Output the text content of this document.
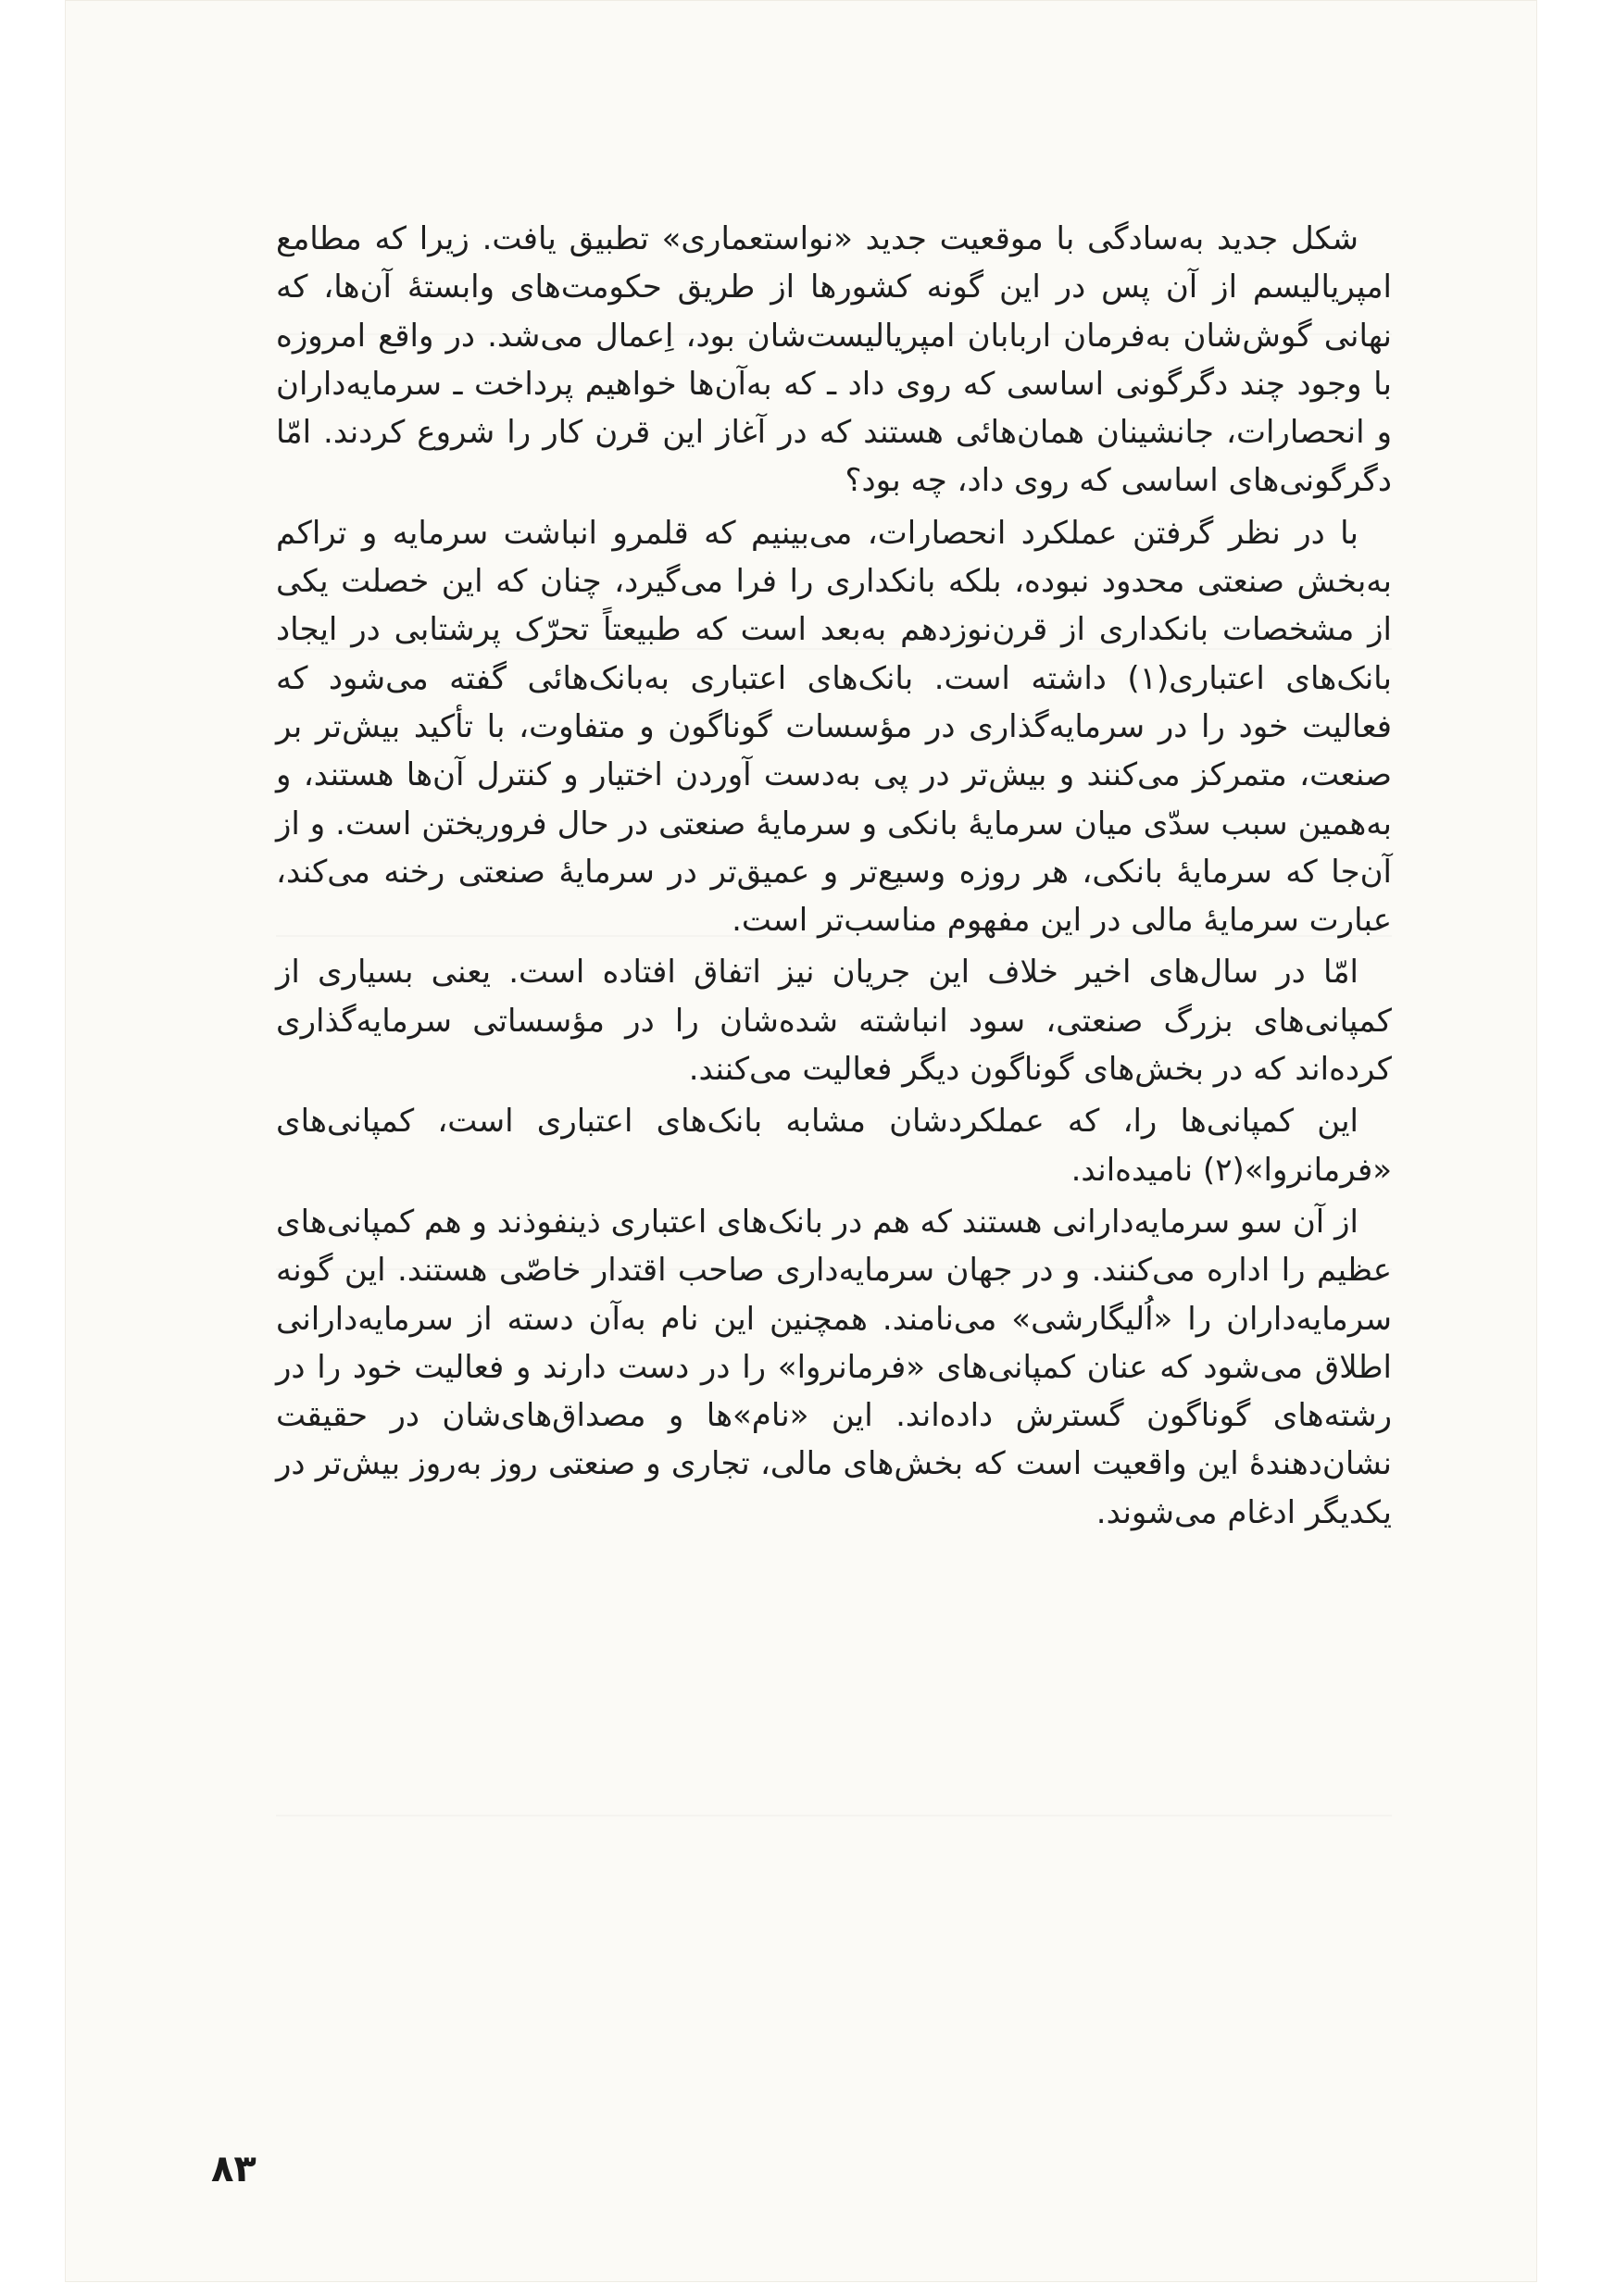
شکل جدید به‌سادگی با موقعیت جدید «نواستعماری» تطبیق یافت. زیرا که مطامع امپریالیسم از آن پس در این گونه کشورها از طریق حکومت‌های وابستهٔ آن‌ها، که نهانی گوش‌شان به‌فرمان اربابان امپریالیست‌شان بود، اِعمال می‌شد. در واقع امروزه با وجود چند دگرگونی اساسی که روی داد ـ که به‌آن‌ها خواهیم پرداخت ـ سرمایه‌داران و انحصارات، جانشینان همان‌هائی هستند که در آغاز این قرن کار را شروع کردند. امّا دگرگونی‌های اساسی که روی داد، چه بود؟

با در نظر گرفتن عملکرد انحصارات، می‌بینیم که قلمرو انباشت سرمایه و تراکم به‌بخش صنعتی محدود نبوده، بلکه بانکداری را فرا می‌گیرد، چنان که این خصلت یکی از مشخصات بانکداری از قرن‌نوزدهم به‌بعد است که طبیعتاً تحرّک پرشتابی در ایجاد بانک‌های اعتباری(۱) داشته است. بانک‌های اعتباری به‌بانک‌هائی گفته می‌شود که فعالیت خود را در سرمایه‌گذاری در مؤسسات گوناگون و متفاوت، با تأکید بیش‌تر بر صنعت، متمرکز می‌کنند و بیش‌تر در پی به‌دست آوردن اختیار و کنترل آن‌ها هستند، و به‌همین سبب سدّی میان سرمایهٔ بانکی و سرمایهٔ صنعتی در حال فروریختن است. و از آن‌جا که سرمایهٔ بانکی، هر روزه وسیع‌تر و عمیق‌تر در سرمایهٔ صنعتی رخنه می‌کند، عبارت سرمایهٔ مالی در این مفهوم مناسب‌تر است.

امّا در سال‌های اخیر خلاف این جریان نیز اتفاق افتاده است. یعنی بسیاری از کمپانی‌های بزرگ صنعتی، سود انباشته شده‌شان را در مؤسساتی سرمایه‌گذاری کرده‌اند که در بخش‌های گوناگون دیگر فعالیت می‌کنند.

این کمپانی‌ها را، که عملکردشان مشابه بانک‌های اعتباری است، کمپانی‌های «فرمانروا»(۲) نامیده‌اند.

از آن سو سرمایه‌دارانی هستند که هم در بانک‌های اعتباری ذینفوذند و هم کمپانی‌های عظیم را اداره می‌کنند. و در جهان سرمایه‌داری صاحب اقتدار خاصّی هستند. این گونه سرمایه‌داران را «اُلیگارشی» می‌نامند. همچنین این نام به‌آن دسته از سرمایه‌دارانی اطلاق می‌شود که عنان کمپانی‌های «فرمانروا» را در دست دارند و فعالیت خود را در رشته‌های گوناگون گسترش داده‌اند. این «نام»ها و مصداق‌های‌شان در حقیقت نشان‌دهندهٔ این واقعیت است که بخش‌های مالی، تجاری و صنعتی روز به‌روز بیش‌تر در یکدیگر ادغام می‌شوند.

۸۳
